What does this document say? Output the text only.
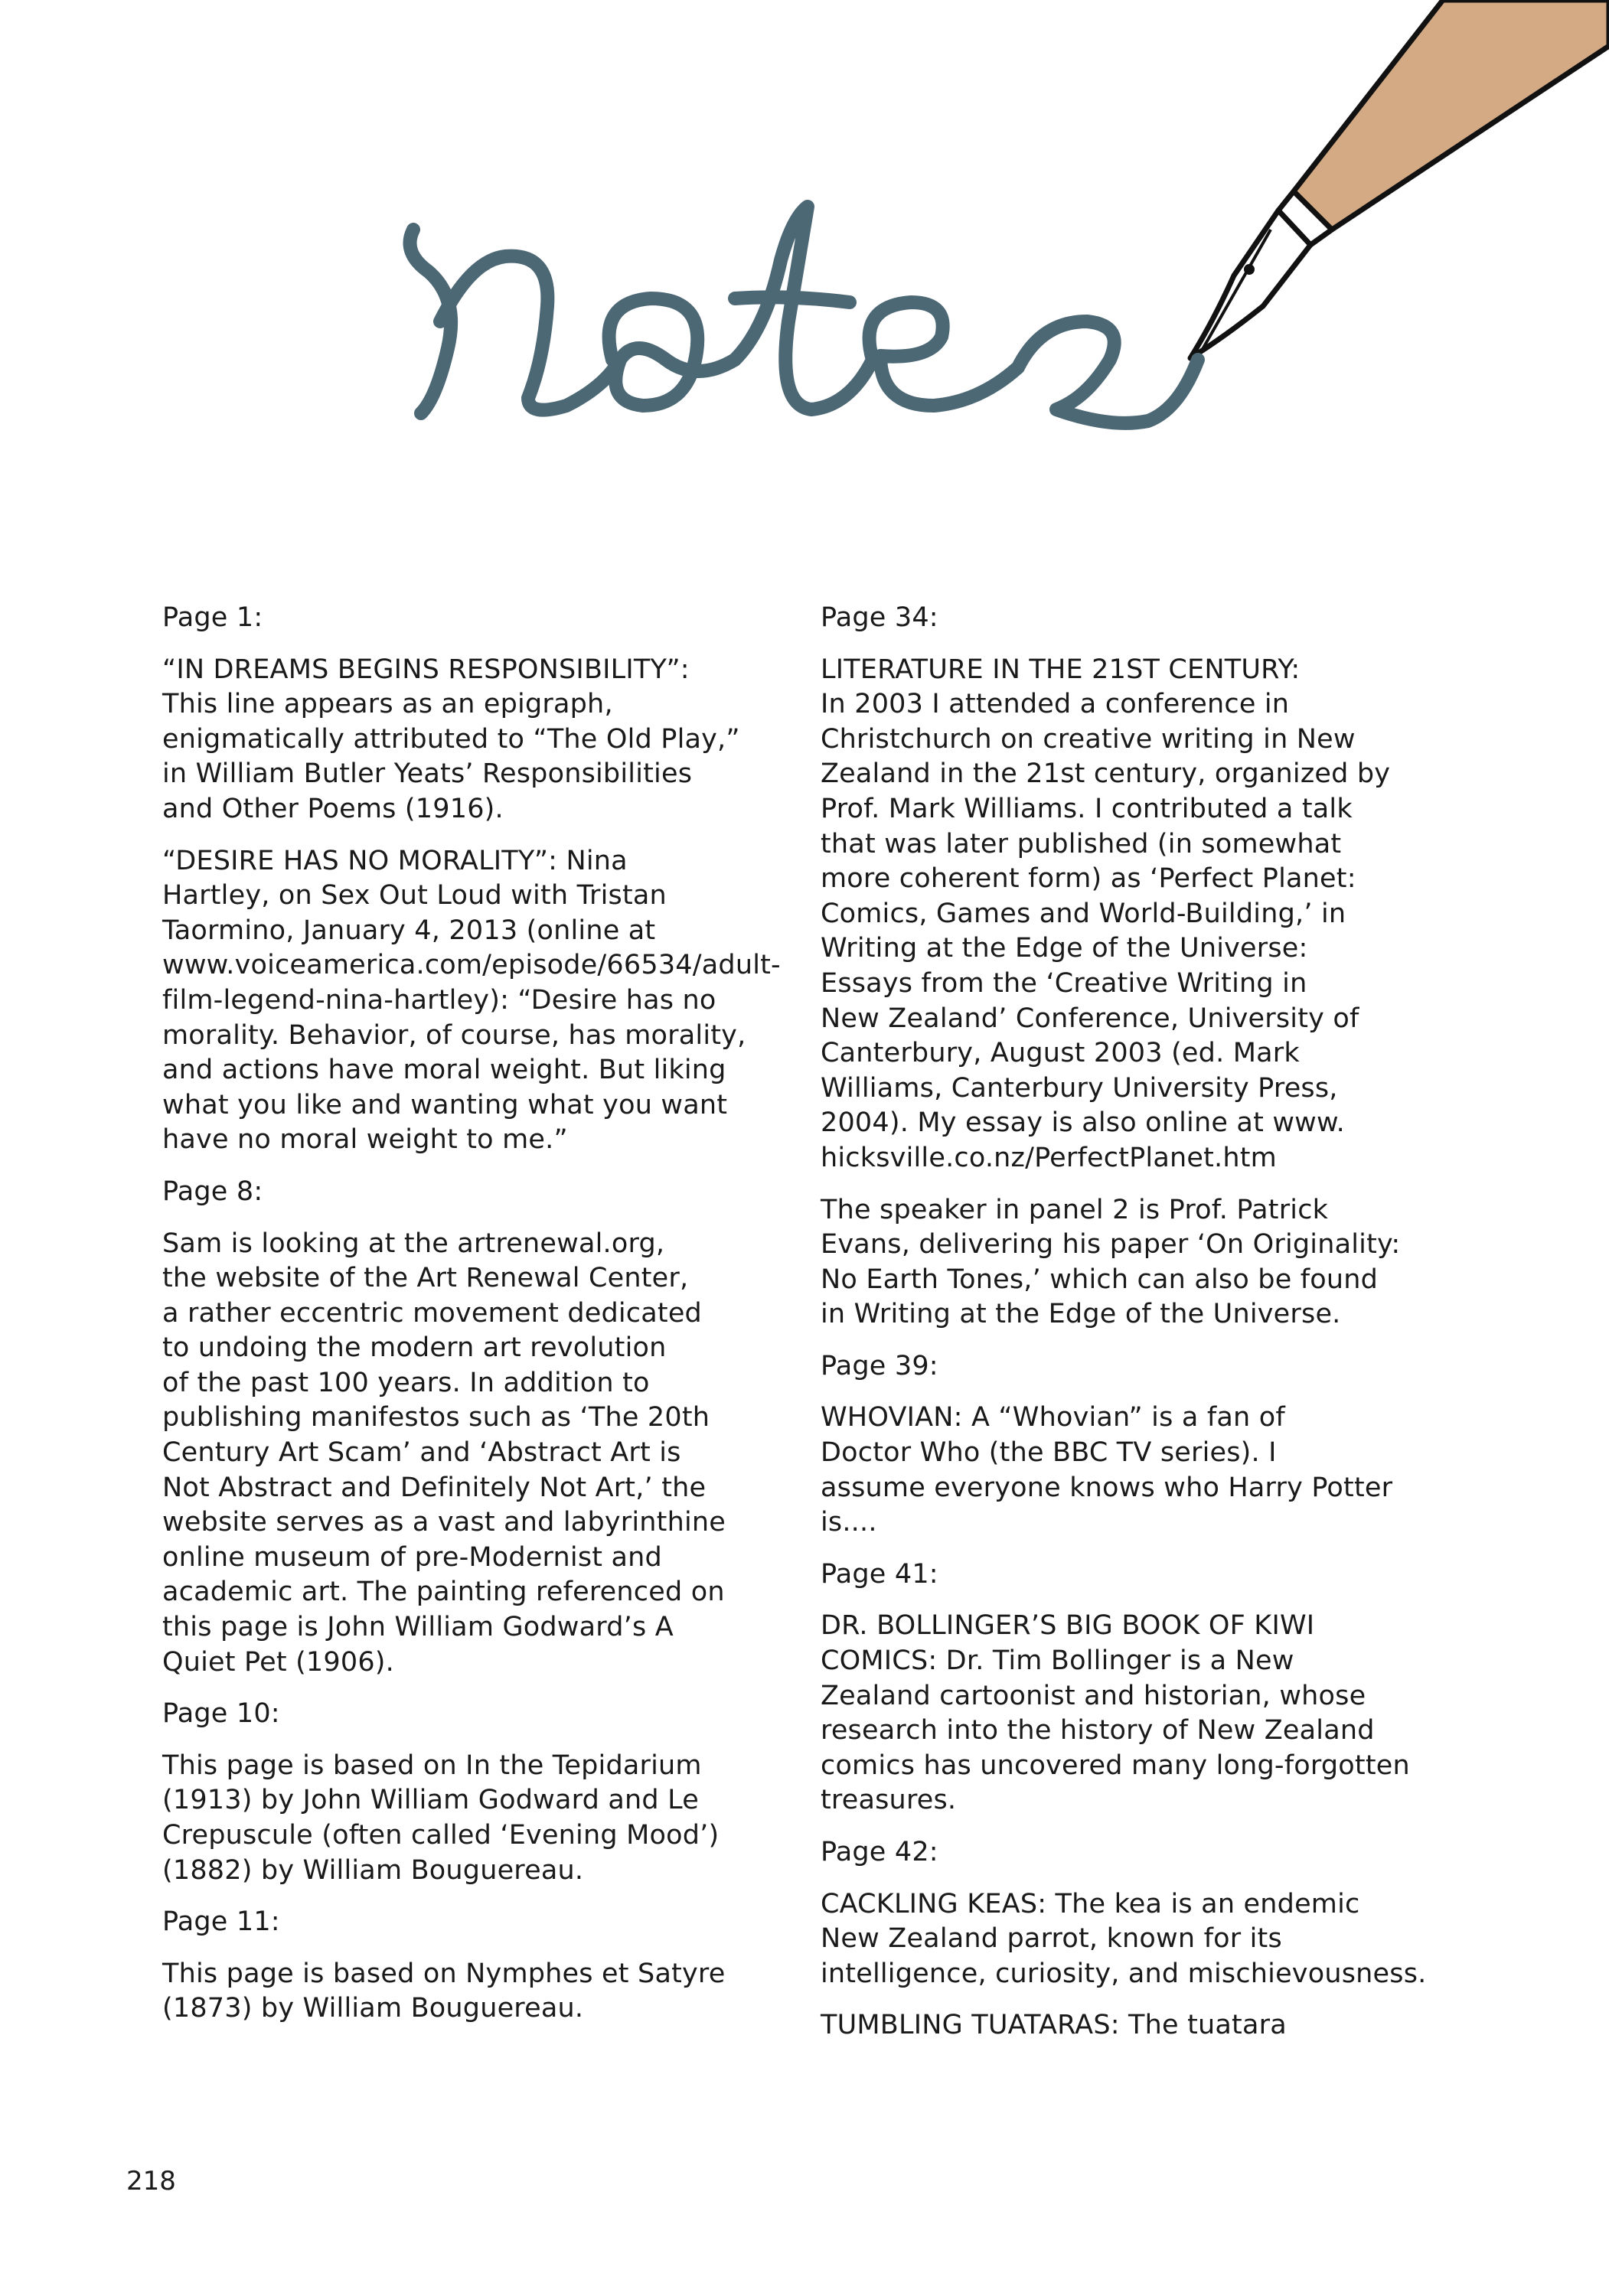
Page 1:

“IN DREAMS BEGINS RESPONSIBILITY”:
This line appears as an epigraph,
enigmatically attributed to “The Old Play,”
in William Butler Yeats’ Responsibilities
and Other Poems (1916).

“DESIRE HAS NO MORALITY”: Nina
Hartley, on Sex Out Loud with Tristan
Taormino, January 4, 2013 (online at
www.voiceamerica.com/episode/66534/adult-
film-legend-nina-hartley): “Desire has no
morality. Behavior, of course, has morality,
and actions have moral weight. But liking
what you like and wanting what you want
have no moral weight to me.”

Page 8:

Sam is looking at the artrenewal.org,
the website of the Art Renewal Center,
a rather eccentric movement dedicated
to undoing the modern art revolution
of the past 100 years. In addition to
publishing manifestos such as ‘The 20th
Century Art Scam’ and ‘Abstract Art is
Not Abstract and Definitely Not Art,’ the
website serves as a vast and labyrinthine
online museum of pre-Modernist and
academic art. The painting referenced on
this page is John William Godward’s A
Quiet Pet (1906).

Page 10:

This page is based on In the Tepidarium
(1913) by John William Godward and Le
Crepuscule (often called ‘Evening Mood’)
(1882) by William Bouguereau.

Page 11:

This page is based on Nymphes et Satyre
(1873) by William Bouguereau.

Page 34:

LITERATURE IN THE 21ST CENTURY:
In 2003 I attended a conference in
Christchurch on creative writing in New
Zealand in the 21st century, organized by
Prof. Mark Williams. I contributed a talk
that was later published (in somewhat
more coherent form) as ‘Perfect Planet:
Comics, Games and World-Building,’ in
Writing at the Edge of the Universe:
Essays from the ‘Creative Writing in
New Zealand’ Conference, University of
Canterbury, August 2003 (ed. Mark
Williams, Canterbury University Press,
2004). My essay is also online at www.
hicksville.co.nz/PerfectPlanet.htm

The speaker in panel 2 is Prof. Patrick
Evans, delivering his paper ‘On Originality:
No Earth Tones,’ which can also be found
in Writing at the Edge of the Universe.

Page 39:

WHOVIAN: A “Whovian” is a fan of
Doctor Who (the BBC TV series). I
assume everyone knows who Harry Potter
is....

Page 41:

DR. BOLLINGER’S BIG BOOK OF KIWI
COMICS: Dr. Tim Bollinger is a New
Zealand cartoonist and historian, whose
research into the history of New Zealand
comics has uncovered many long-forgotten
treasures.

Page 42:

CACKLING KEAS: The kea is an endemic
New Zealand parrot, known for its
intelligence, curiosity, and mischievousness.

TUMBLING TUATARAS: The tuatara

218
